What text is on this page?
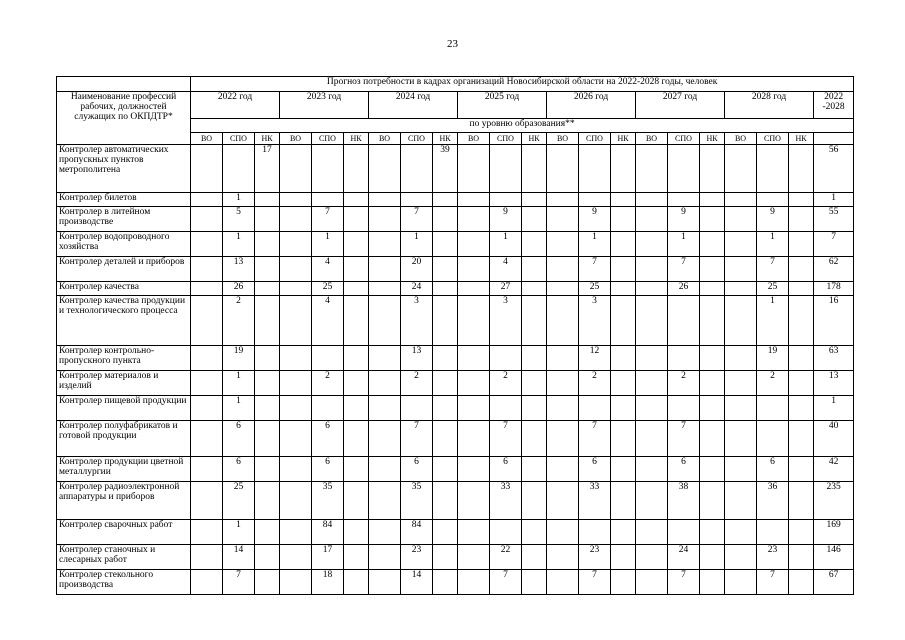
23
	Прогноз потребности в кадрах организаций Новосибирской области на 2022-2028 годы, человек																					
Наименование профессий рабочих, должностей служащих по ОКПДТР*	2022 год			2023 год			2024 год			2025 год			2026 год			2027 год			2028 год			2022 -2028
	по уровню образования**																					
	ВО	СПО	НК	ВО	СПО	НК	ВО	СПО	НК	ВО	СПО	НК	ВО	СПО	НК	ВО	СПО	НК	ВО	СПО	НК	
Контролер автоматических пропускных пунктов метрополитена			17						39													56
Контролер билетов		1																				1
Контролер в литейном производстве		5			7			7			9			9			9			9		55
Контролер водопроводного хозяйства		1			1			1			1			1			1			1		7
Контролер деталей и приборов		13			4			20			4			7			7			7		62
Контролер качества		26			25			24			27			25			26			25		178
Контролер качества продукции и технологического процесса		2			4			3			3			3						1		16
Контролер контрольно-пропускного пункта		19						13						12						19		63
Контролер материалов и изделий		1			2			2			2			2			2			2		13
Контролер пищевой продукции		1																				1
Контролер полуфабрикатов и готовой продукции		6			6			7			7			7			7					40
Контролер продукции цветной металлургии		6			6			6			6			6			6			6		42
Контролер радиоэлектронной аппаратуры и приборов		25			35			35			33			33			38			36		235
Контролер сварочных работ		1			84			84														169
Контролер станочных и слесарных работ		14			17			23			22			23			24			23		146
Контролер стекольного производства		7			18			14			7			7			7			7		67
